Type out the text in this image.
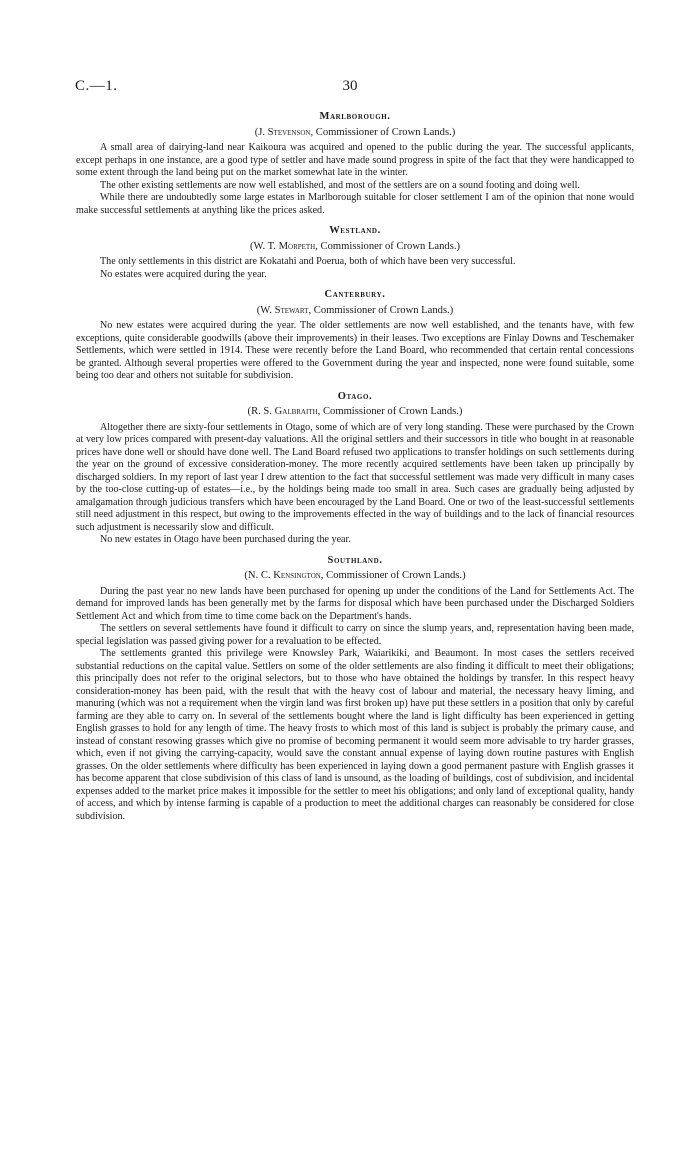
C.—1.	30
Marlborough.
(J. Stevenson, Commissioner of Crown Lands.)

A small area of dairying-land near Kaikoura was acquired and opened to the public during the year. The successful applicants, except perhaps in one instance, are a good type of settler and have made sound progress in spite of the fact that they were handicapped to some extent through the land being put on the market somewhat late in the winter.

The other existing settlements are now well established, and most of the settlers are on a sound footing and doing well.

While there are undoubtedly some large estates in Marlborough suitable for closer settlement I am of the opinion that none would make successful settlements at anything like the prices asked.

Westland.
(W. T. Morpeth, Commissioner of Crown Lands.)

The only settlements in this district are Kokatahi and Poerua, both of which have been very successful.

No estates were acquired during the year.

Canterbury.
(W. Stewart, Commissioner of Crown Lands.)

No new estates were acquired during the year. The older settlements are now well established, and the tenants have, with few exceptions, quite considerable goodwills (above their improvements) in their leases. Two exceptions are Finlay Downs and Teschemaker Settlements, which were settled in 1914. These were recently before the Land Board, who recommended that certain rental concessions be granted. Although several properties were offered to the Government during the year and inspected, none were found suitable, some being too dear and others not suitable for subdivision.

Otago.
(R. S. Galbraith, Commissioner of Crown Lands.)

Altogether there are sixty-four settlements in Otago, some of which are of very long standing. These were purchased by the Crown at very low prices compared with present-day valuations. All the original settlers and their successors in title who bought in at reasonable prices have done well or should have done well. The Land Board refused two applications to transfer holdings on such settlements during the year on the ground of excessive consideration-money. The more recently acquired settlements have been taken up principally by discharged soldiers. In my report of last year I drew attention to the fact that successful settlement was made very difficult in many cases by the too-close cutting-up of estates—i.e., by the holdings being made too small in area. Such cases are gradually being adjusted by amalgamation through judicious transfers which have been encouraged by the Land Board. One or two of the least-successful settlements still need adjustment in this respect, but owing to the improvements effected in the way of buildings and to the lack of financial resources such adjustment is necessarily slow and difficult.

No new estates in Otago have been purchased during the year.

Southland.
(N. C. Kensington, Commissioner of Crown Lands.)

During the past year no new lands have been purchased for opening up under the conditions of the Land for Settlements Act. The demand for improved lands has been generally met by the farms for disposal which have been purchased under the Discharged Soldiers Settlement Act and which from time to time come back on the Department's hands.

The settlers on several settlements have found it difficult to carry on since the slump years, and, representation having been made, special legislation was passed giving power for a revaluation to be effected.

The settlements granted this privilege were Knowsley Park, Waiarikiki, and Beaumont. In most cases the settlers received substantial reductions on the capital value. Settlers on some of the older settlements are also finding it difficult to meet their obligations; this principally does not refer to the original selectors, but to those who have obtained the holdings by transfer. In this respect heavy consideration-money has been paid, with the result that with the heavy cost of labour and material, the necessary heavy liming, and manuring (which was not a requirement when the virgin land was first broken up) have put these settlers in a position that only by careful farming are they able to carry on. In several of the settlements bought where the land is light difficulty has been experienced in getting English grasses to hold for any length of time. The heavy frosts to which most of this land is subject is probably the primary cause, and instead of constant resowing grasses which give no promise of becoming permanent it would seem more advisable to try harder grasses, which, even if not giving the carrying-capacity, would save the constant annual expense of laying down routine pastures with English grasses. On the older settlements where difficulty has been experienced in laying down a good permanent pasture with English grasses it has become apparent that close subdivision of this class of land is unsound, as the loading of buildings, cost of subdivision, and incidental expenses added to the market price makes it impossible for the settler to meet his obligations; and only land of exceptional quality, handy of access, and which by intense farming is capable of a production to meet the additional charges can reasonably be considered for close subdivision.
